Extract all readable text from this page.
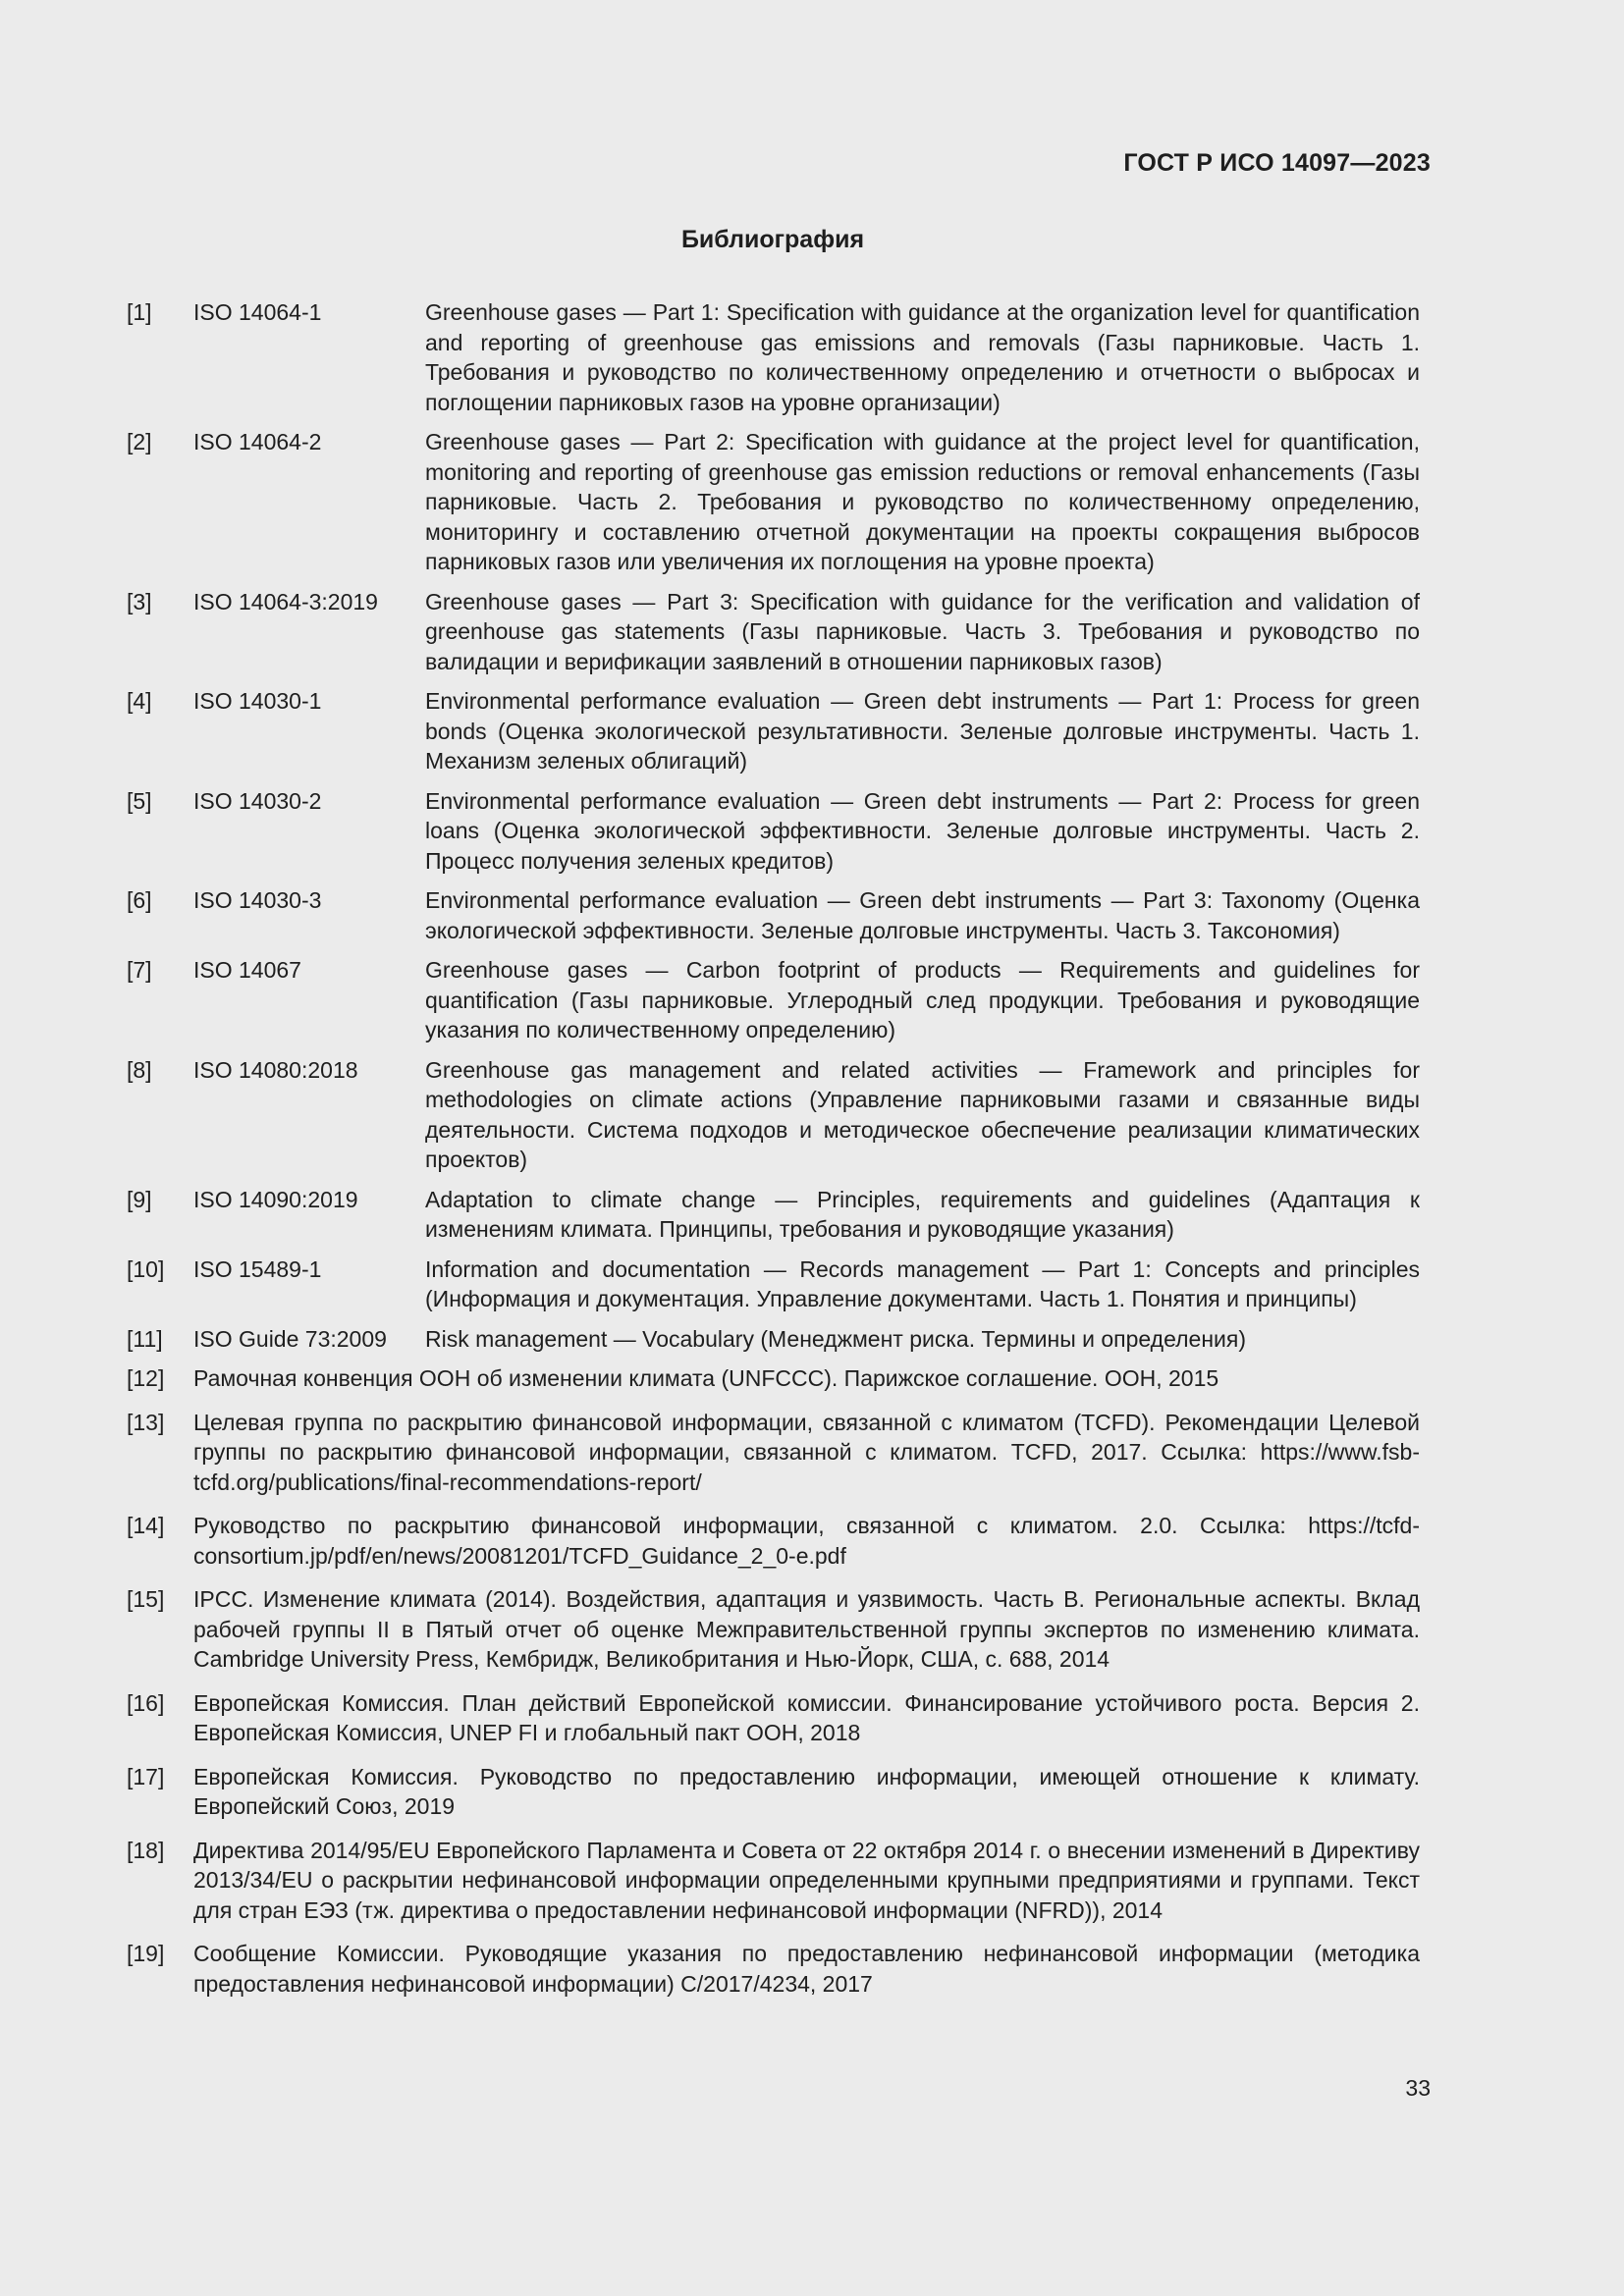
ГОСТ Р ИСО 14097—2023
Библиография
[1]	ISO 14064-1	Greenhouse gases — Part 1: Specification with guidance at the organization level for quantification and reporting of greenhouse gas emissions and removals (Газы парниковые. Часть 1. Требования и руководство по количественному определению и отчетности о выбросах и поглощении парниковых газов на уровне организации)
[2]	ISO 14064-2	Greenhouse gases — Part 2: Specification with guidance at the project level for quantification, monitoring and reporting of greenhouse gas emission reductions or removal enhancements (Газы парниковые. Часть 2. Требования и руководство по количественному определению, мониторингу и составлению отчетной документации на проекты сокращения выбросов парниковых газов или увеличения их поглощения на уровне проекта)
[3]	ISO 14064-3:2019	Greenhouse gases — Part 3: Specification with guidance for the verification and validation of greenhouse gas statements (Газы парниковые. Часть 3. Требования и руководство по валидации и верификации заявлений в отношении парниковых газов)
[4]	ISO 14030-1	Environmental performance evaluation — Green debt instruments — Part 1: Process for green bonds (Оценка экологической результативности. Зеленые долговые инструменты. Часть 1. Механизм зеленых облигаций)
[5]	ISO 14030-2	Environmental performance evaluation — Green debt instruments — Part 2: Process for green loans (Оценка экологической эффективности. Зеленые долговые инструменты. Часть 2. Процесс получения зеленых кредитов)
[6]	ISO 14030-3	Environmental performance evaluation — Green debt instruments — Part 3: Taxonomy (Оценка экологической эффективности. Зеленые долговые инструменты. Часть 3. Таксономия)
[7]	ISO 14067	Greenhouse gases — Carbon footprint of products — Requirements and guidelines for quantification (Газы парниковые. Углеродный след продукции. Требования и руководящие указания по количественному определению)
[8]	ISO 14080:2018	Greenhouse gas management and related activities — Framework and principles for methodologies on climate actions (Управление парниковыми газами и связанные виды деятельности. Система подходов и методическое обеспечение реализации климатических проектов)
[9]	ISO 14090:2019	Adaptation to climate change — Principles, requirements and guidelines (Адаптация к изменениям климата. Принципы, требования и руководящие указания)
[10]	ISO 15489-1	Information and documentation — Records management — Part 1: Concepts and principles (Информация и документация. Управление документами. Часть 1. Понятия и принципы)
[11]	ISO Guide 73:2009	Risk management — Vocabulary (Менеджмент риска. Термины и определения)
[12]	Рамочная конвенция ООН об изменении климата (UNFCCC). Парижское соглашение. ООН, 2015
[13]	Целевая группа по раскрытию финансовой информации, связанной с климатом (TCFD). Рекомендации Целевой группы по раскрытию финансовой информации, связанной с климатом. TCFD, 2017. Ссылка: https://www.fsb-tcfd.org/publications/final-recommendations-report/
[14]	Руководство по раскрытию финансовой информации, связанной с климатом. 2.0. Ссылка: https://tcfd-consortium.jp/pdf/en/news/20081201/TCFD_Guidance_2_0-e.pdf
[15]	IPCC. Изменение климата (2014). Воздействия, адаптация и уязвимость. Часть B. Региональные аспекты. Вклад рабочей группы II в Пятый отчет об оценке Межправительственной группы экспертов по изменению климата. Cambridge University Press, Кембридж, Великобритания и Нью-Йорк, США, с. 688, 2014
[16]	Европейская Комиссия. План действий Европейской комиссии. Финансирование устойчивого роста. Версия 2. Европейская Комиссия, UNEP FI и глобальный пакт ООН, 2018
[17]	Европейская Комиссия. Руководство по предоставлению информации, имеющей отношение к климату. Европейский Союз, 2019
[18]	Директива 2014/95/EU Европейского Парламента и Совета от 22 октября 2014 г. о внесении изменений в Директиву 2013/34/EU о раскрытии нефинансовой информации определенными крупными предприятиями и группами. Текст для стран ЕЭЗ (тж. директива о предоставлении нефинансовой информации (NFRD)), 2014
[19]	Сообщение Комиссии. Руководящие указания по предоставлению нефинансовой информации (методика предоставления нефинансовой информации) C/2017/4234, 2017
33
